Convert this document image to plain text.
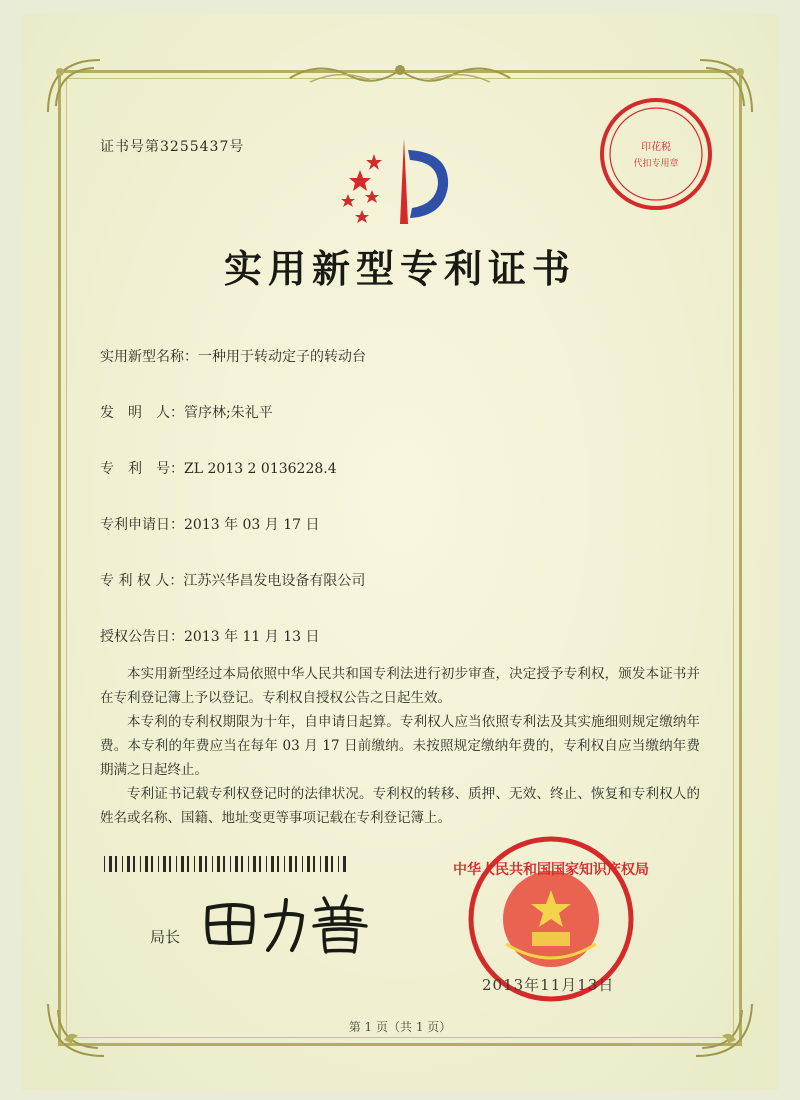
证书号第3255437号
实用新型专利证书
实用新型名称：一种用于转动定子的转动台
发　明　人：管序林;朱礼平
专　利　号：ZL 2013 2 0136228.4
专利申请日：2013 年 03 月 17 日
专 利 权 人：江苏兴华昌发电设备有限公司
授权公告日：2013 年 11 月 13 日

本实用新型经过本局依照中华人民共和国专利法进行初步审查，决定授予专利权，颁发本证书并在专利登记簿上予以登记。专利权自授权公告之日起生效。

本专利的专利权期限为十年，自申请日起算。专利权人应当依照专利法及其实施细则规定缴纳年费。本专利的年费应当在每年 03 月 17 日前缴纳。未按照规定缴纳年费的，专利权自应当缴纳年费期满之日起终止。

专利证书记载专利权登记时的法律状况。专利权的转移、质押、无效、终止、恢复和专利权人的姓名或名称、国籍、地址变更等事项记载在专利登记簿上。

局长
印花税
代扣专用章
中华人民共和国国家知识产权局
2013年11月13日
第 1 页（共 1 页）
